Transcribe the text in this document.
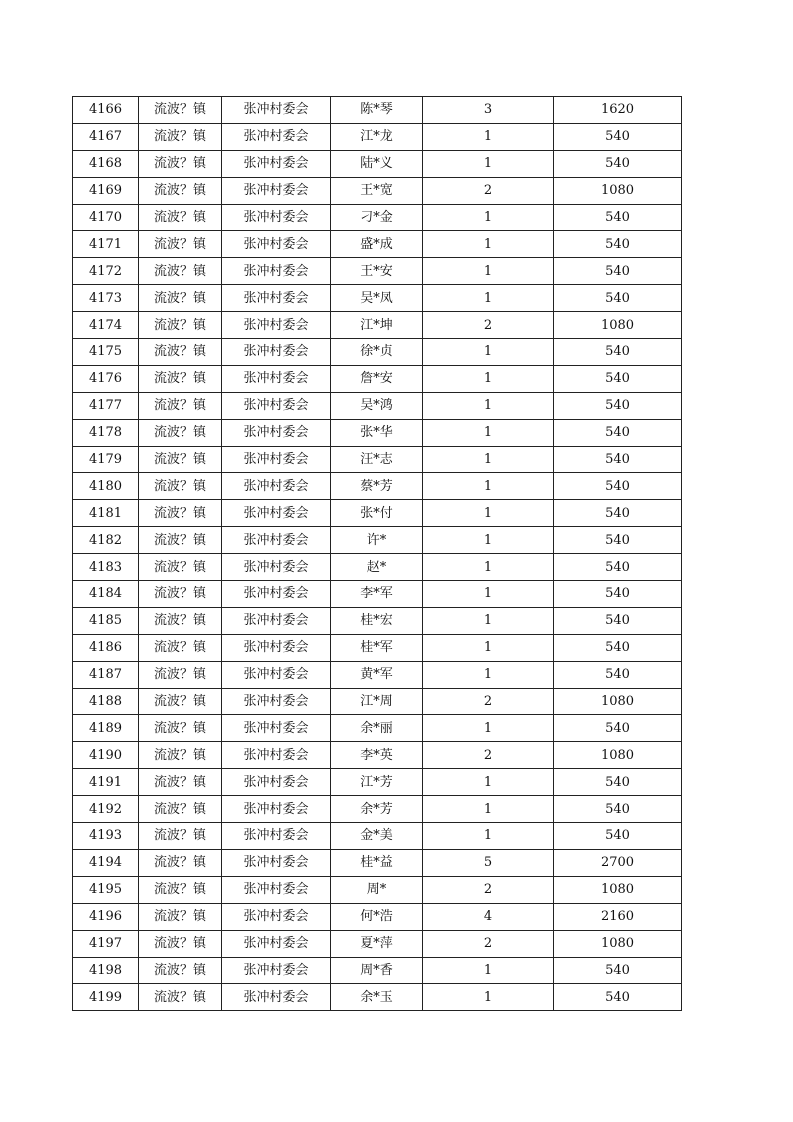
4166	流波？镇	张冲村委会	陈*琴	3	1620
4167	流波？镇	张冲村委会	江*龙	1	540
4168	流波？镇	张冲村委会	陆*义	1	540
4169	流波？镇	张冲村委会	王*宽	2	1080
4170	流波？镇	张冲村委会	刁*金	1	540
4171	流波？镇	张冲村委会	盛*成	1	540
4172	流波？镇	张冲村委会	王*安	1	540
4173	流波？镇	张冲村委会	吴*凤	1	540
4174	流波？镇	张冲村委会	江*坤	2	1080
4175	流波？镇	张冲村委会	徐*贞	1	540
4176	流波？镇	张冲村委会	詹*安	1	540
4177	流波？镇	张冲村委会	吴*鸿	1	540
4178	流波？镇	张冲村委会	张*华	1	540
4179	流波？镇	张冲村委会	汪*志	1	540
4180	流波？镇	张冲村委会	蔡*芳	1	540
4181	流波？镇	张冲村委会	张*付	1	540
4182	流波？镇	张冲村委会	许*	1	540
4183	流波？镇	张冲村委会	赵*	1	540
4184	流波？镇	张冲村委会	李*军	1	540
4185	流波？镇	张冲村委会	桂*宏	1	540
4186	流波？镇	张冲村委会	桂*军	1	540
4187	流波？镇	张冲村委会	黄*军	1	540
4188	流波？镇	张冲村委会	江*周	2	1080
4189	流波？镇	张冲村委会	余*丽	1	540
4190	流波？镇	张冲村委会	李*英	2	1080
4191	流波？镇	张冲村委会	江*芳	1	540
4192	流波？镇	张冲村委会	余*芳	1	540
4193	流波？镇	张冲村委会	金*美	1	540
4194	流波？镇	张冲村委会	桂*益	5	2700
4195	流波？镇	张冲村委会	周*	2	1080
4196	流波？镇	张冲村委会	何*浩	4	2160
4197	流波？镇	张冲村委会	夏*萍	2	1080
4198	流波？镇	张冲村委会	周*香	1	540
4199	流波？镇	张冲村委会	余*玉	1	540
